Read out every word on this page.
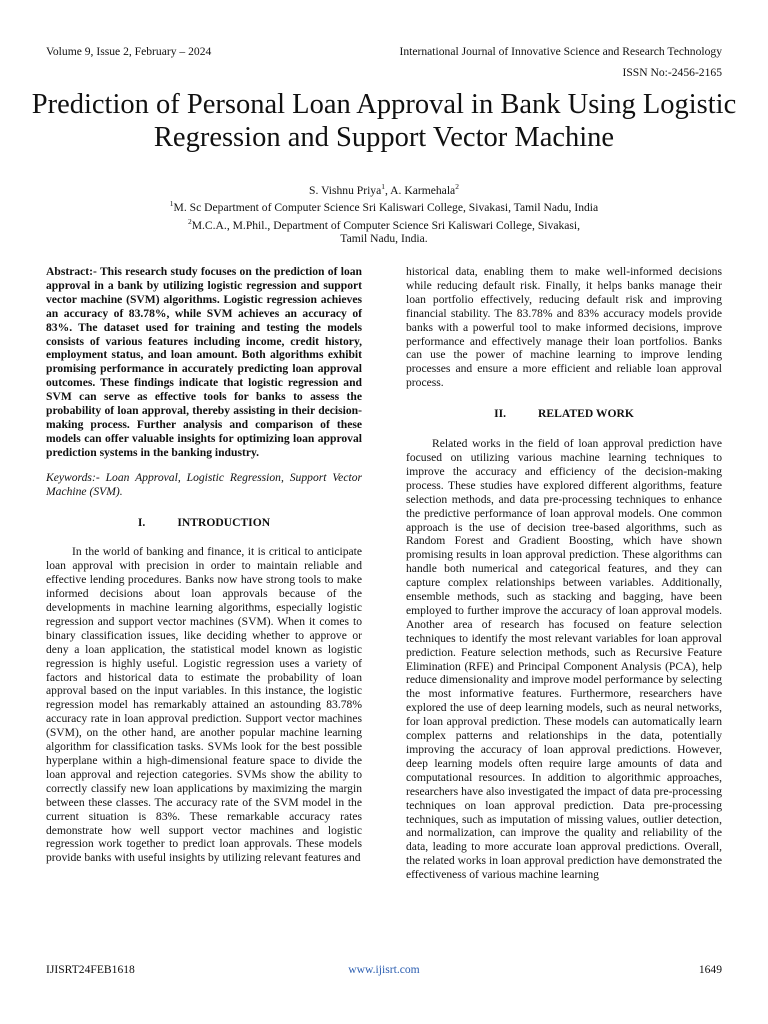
Volume 9, Issue 2, February – 2024	International Journal of Innovative Science and Research Technology
ISSN No:-2456-2165
Prediction of Personal Loan Approval in Bank Using Logistic Regression and Support Vector Machine
S. Vishnu Priya$^1$, A. Karmehala$^2$
$^1$M. Sc Department of Computer Science Sri Kaliswari College, Sivakasi, Tamil Nadu, India
$^2$M.C.A., M.Phil., Department of Computer Science Sri Kaliswari College, Sivakasi,
Tamil Nadu, India.

Abstract:- This research study focuses on the prediction of loan approval in a bank by utilizing logistic regression and support vector machine (SVM) algorithms. Logistic regression achieves an accuracy of 83.78%, while SVM achieves an accuracy of 83%. The dataset used for training and testing the models consists of various features including income, credit history, employment status, and loan amount. Both algorithms exhibit promising performance in accurately predicting loan approval outcomes. These findings indicate that logistic regression and SVM can serve as effective tools for banks to assess the probability of loan approval, thereby assisting in their decision-making process. Further analysis and comparison of these models can offer valuable insights for optimizing loan approval prediction systems in the banking industry.

Keywords:- Loan Approval, Logistic Regression, Support Vector Machine (SVM).

I.	INTRODUCTION

In the world of banking and finance, it is critical to anticipate loan approval with precision in order to maintain reliable and effective lending procedures. Banks now have strong tools to make informed decisions about loan approvals because of the developments in machine learning algorithms, especially logistic regression and support vector machines (SVM). When it comes to binary classification issues, like deciding whether to approve or deny a loan application, the statistical model known as logistic regression is highly useful. Logistic regression uses a variety of factors and historical data to estimate the probability of loan approval based on the input variables. In this instance, the logistic regression model has remarkably attained an astounding 83.78% accuracy rate in loan approval prediction. Support vector machines (SVM), on the other hand, are another popular machine learning algorithm for classification tasks. SVMs look for the best possible hyperplane within a high-dimensional feature space to divide the loan approval and rejection categories. SVMs show the ability to correctly classify new loan applications by maximizing the margin between these classes. The accuracy rate of the SVM model in the current situation is 83%. These remarkable accuracy rates demonstrate how well support vector machines and logistic regression work together to predict loan approvals. These models provide banks with useful insights by utilizing relevant features and

historical data, enabling them to make well-informed decisions while reducing default risk. Finally, it helps banks manage their loan portfolio effectively, reducing default risk and improving financial stability. The 83.78% and 83% accuracy models provide banks with a powerful tool to make informed decisions, improve performance and effectively manage their loan portfolios. Banks can use the power of machine learning to improve lending processes and ensure a more efficient and reliable loan approval process.

II.	RELATED WORK

Related works in the field of loan approval prediction have focused on utilizing various machine learning techniques to improve the accuracy and efficiency of the decision-making process. These studies have explored different algorithms, feature selection methods, and data pre-processing techniques to enhance the predictive performance of loan approval models. One common approach is the use of decision tree-based algorithms, such as Random Forest and Gradient Boosting, which have shown promising results in loan approval prediction. These algorithms can handle both numerical and categorical features, and they can capture complex relationships between variables. Additionally, ensemble methods, such as stacking and bagging, have been employed to further improve the accuracy of loan approval models. Another area of research has focused on feature selection techniques to identify the most relevant variables for loan approval prediction. Feature selection methods, such as Recursive Feature Elimination (RFE) and Principal Component Analysis (PCA), help reduce dimensionality and improve model performance by selecting the most informative features. Furthermore, researchers have explored the use of deep learning models, such as neural networks, for loan approval prediction. These models can automatically learn complex patterns and relationships in the data, potentially improving the accuracy of loan approval predictions. However, deep learning models often require large amounts of data and computational resources. In addition to algorithmic approaches, researchers have also investigated the impact of data pre-processing techniques on loan approval prediction. Data pre-processing techniques, such as imputation of missing values, outlier detection, and normalization, can improve the quality and reliability of the data, leading to more accurate loan approval predictions. Overall, the related works in loan approval prediction have demonstrated the effectiveness of various machine learning

IJISRT24FEB1618	www.ijisrt.com	1649
